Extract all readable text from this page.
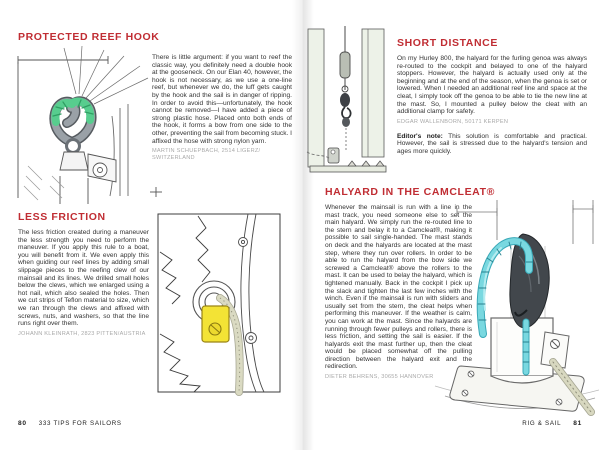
PROTECTED REEF HOOK

There is little argument: if you want to reef the classic way, you definitely need a double hook at the gooseneck. On our Elan 40, however, the hook is not necessary, as we use a one-line reef, but whenever we do, the luff gets caught by the hook and the sail is in danger of ripping. In order to avoid this—unfortunately, the hook cannot be removed—I have added a piece of strong plastic hose. Placed onto both ends of the hook, it forms a bow from one side to the other, preventing the sail from becoming stuck. I affixed the hose with strong nylon yarn.

MARTIN SCHUEPBACH, 2514 LIGERZ/ SWITZERLAND

LESS FRICTION

The less friction created during a maneuver the less strength you need to perform the maneuver. If you apply this rule to a boat, you will benefit from it. We even apply this when guiding our reef lines by adding small slippage pieces to the reefing clew of our mainsail and its lines. We drilled small holes below the clews, which we enlarged using a hot nail, which also sealed the holes. Then we cut strips of Teflon material to size, which we ran through the clews and affixed with screws, nuts, and washers, so that the line runs right over them.

JOHANN KLEINRATH, 2823 PITTEN/AUSTRIA

80 333 TIPS FOR SAILORS
SHORT DISTANCE

On my Hurley 800, the halyard for the furling genoa was always re-routed to the cockpit and belayed to one of the halyard stoppers. However, the halyard is actually used only at the beginning and at the end of the season, when the genoa is set or lowered. When I needed an additional reef line and space at the cleat, I simply took off the genoa to be able to tie the new line at the mast. So, I mounted a pulley below the cleat with an additional clamp for safety.

EDGAR WALLENBORN, 50171 KERPEN

Editor's note: This solution is comfortable and practical. However, the sail is stressed due to the halyard's tension and ages more quickly.

HALYARD IN THE CAMCLEAT®

Whenever the mainsail is run with a line in the mast track, you need someone else to set the main halyard. We simply run the re-routed line to the stern and belay it to a Camcleat®, making it possible to sail single-handed. The mast stands on deck and the halyards are located at the mast step, where they run over rollers. In order to be able to run the halyard from the bow side we screwed a Camcleat® above the rollers to the mast. It can be used to belay the halyard, which is tightened manually. Back in the cockpit I pick up the slack and tighten the last few inches with the winch. Even if the mainsail is run with sliders and usually set from the stern, the cleat helps when performing this maneuver. If the weather is calm, you can work at the mast. Since the halyards are running through fewer pulleys and rollers, there is less friction, and setting the sail is easier. If the halyards exit the mast further up, then the cleat would be placed somewhat off the pulling direction between the halyard exit and the redirection.

DIETER BEHRENS, 30655 HANNOVER

RIG & SAIL 81
